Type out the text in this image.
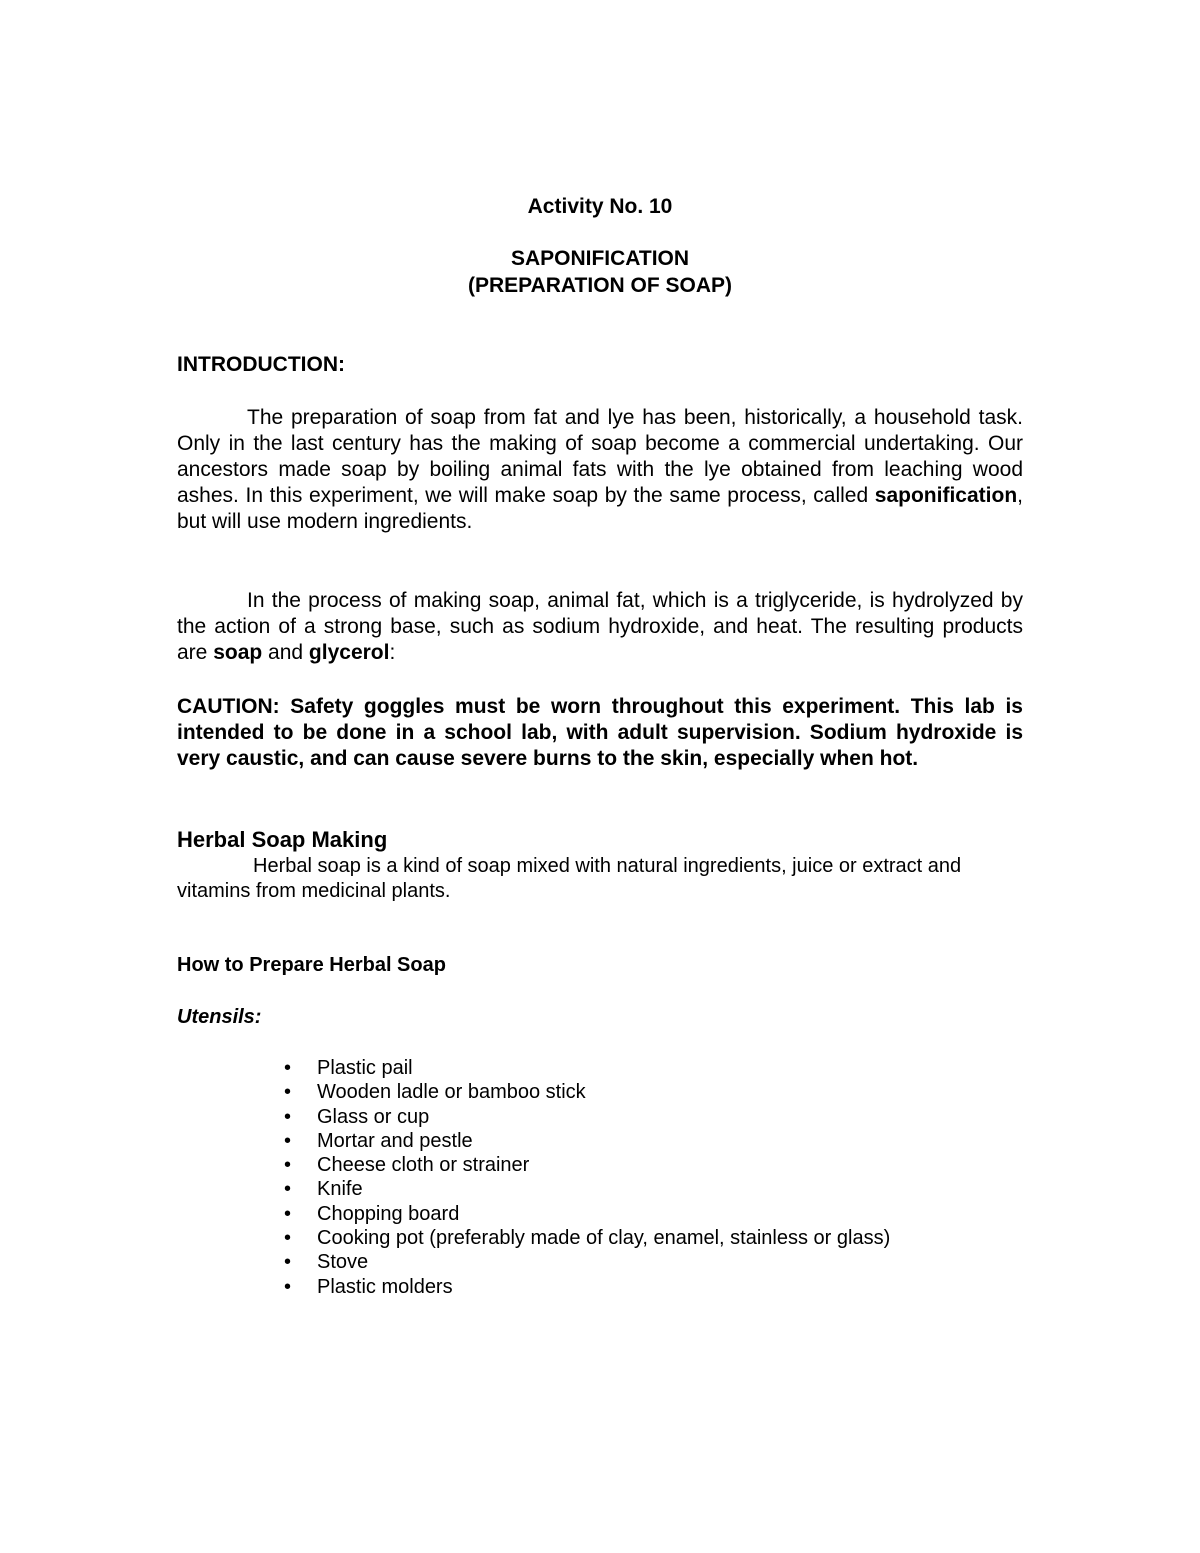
Activity No. 10
SAPONIFICATION
(PREPARATION OF SOAP)
INTRODUCTION:
The preparation of soap from fat and lye has been, historically, a household task. Only in the last century has the making of soap become a commercial undertaking. Our ancestors made soap by boiling animal fats with the lye obtained from leaching wood ashes. In this experiment, we will make soap by the same process, called saponification, but will use modern ingredients.
In the process of making soap, animal fat, which is a triglyceride, is hydrolyzed by the action of a strong base, such as sodium hydroxide, and heat. The resulting products are soap and glycerol:
CAUTION: Safety goggles must be worn throughout this experiment. This lab is intended to be done in a school lab, with adult supervision. Sodium hydroxide is very caustic, and can cause severe burns to the skin, especially when hot.
Herbal Soap Making
Herbal soap is a kind of soap mixed with natural ingredients, juice or extract and vitamins from medicinal plants.
How to Prepare Herbal Soap
Utensils:
• Plastic pail
• Wooden ladle or bamboo stick
• Glass or cup
• Mortar and pestle
• Cheese cloth or strainer
• Knife
• Chopping board
• Cooking pot (preferably made of clay, enamel, stainless or glass)
• Stove
• Plastic molders
